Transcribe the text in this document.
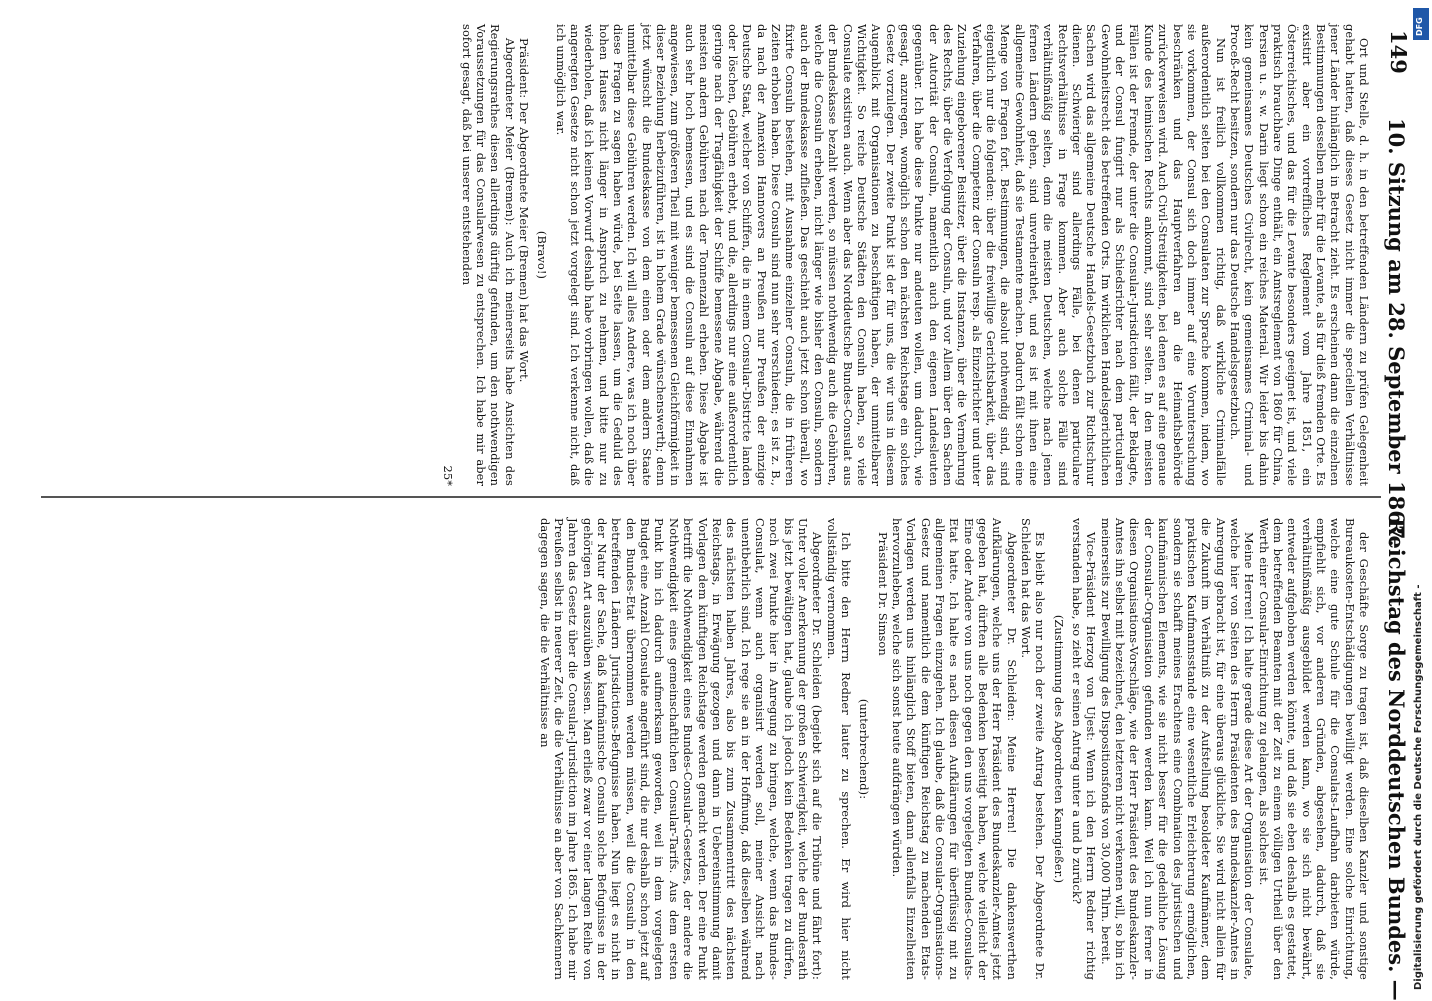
149
10. Sitzung am 28. September 1867.
Reichstag des Norddeutschen Bundes. —

Ort und Stelle, d. h. in den betreffenden Ländern zu prüfen Gelegenheit gehabt hatten, daß dieses Gesetz nicht immer die speciellen Verhältnisse jener Länder hinlänglich in Betracht zieht. Es erscheinen dann die einzelnen Bestimmungen desselben mehr für die Levante, als für dieß fremden Orte. Es existirt aber ein vortreffliches Reglement vom Jahre 1851, ein Österreichisches, und das für die Levante besonders geeignet ist, und viele praktisch brauchbare Dinge enthält, ein Amtsreglement von 1860 für China, Persien u. s. w. Darin liegt schon ein reiches Material. Wir leider bis dahin kein gemeinsames Deutsches Civilrecht, kein gemeinsames Criminal- und Proceß-Recht besitzen, sondern nur das Deutsche Handelsgesetzbuch.

Nun ist freilich vollkommen richtig, daß wirkliche Criminalfälle außerordentlich selten bei den Consulaten zur Sprache kommen, indem, wo sie vorkommen, der Consul sich doch immer auf eine Voruntersuchung beschränken und das Hauptverfahren an die Heimathsbehörde zurückverweisen wird. Auch Civil-Streitigkeiten, bei denen es auf eine genaue Kunde des heimischen Rechts ankommt, sind sehr selten. In den meisten Fällen ist der Fremde, der unter die Consular-Jurisdiction fällt, der Beklagte, und der Consul fungirt nur als Schiedsrichter nach dem particularen Gewohnheitsrecht des betreffenden Orts. Im wirklichen Handelsgerichtlichen Sachen wird das allgemeine Deutsche Handels-Gesetzbuch zur Richtschnur dienen. Schwieriger sind allerdings Fälle, bei denen particulare Rechtsverhältnisse in Frage kommen. Aber auch solche Fälle sind verhältnißmäßig selten, denn die meisten Deutschen, welche nach jenen fernen Ländern gehen, sind unverheirathet, und es ist mit ihnen eine allgemeine Gewohnheit, daß sie Testamente machen. Dadurch fällt schon eine Menge von Fragen fort. Bestimmungen, die absolut nothwendig sind, sind eigentlich nur die folgenden: über die freiwillige Gerichtsbarkeit, über das Verfahren, über die Competenz der Consuln resp. als Einzelrichter und unter Zuziehung eingeborener Beisitzer, über die Instanzen, über die Vermehrung des Rechts, über die Verfolgung der Consuln, und vor Allem über den Sachen der Autorität der Consuln, namentlich auch den eigenen Landesleuten gegenüber. Ich habe diese Punkte nur andeuten wollen, um dadurch, wie gesagt, anzuregen, womöglich schon den nächsten Reichstage ein solches Gesetz vorzulegen. Der zweite Punkt ist der für uns, die wir uns in diesem Augenblick mit Organisationen zu beschäftigen haben, der unmittelbarer Wichtigkeit. So reiche Deutsche Städten den Consuln haben, so viele Consulate existiren auch. Wenn aber das Norddeutsche Bundes-Consulat aus der Bundeskasse bezahlt werden, so müssen nothwendig auch die Gebühren, welche die Consuln erheben, nicht länger wie bisher den Consuln, sondern auch der Bundeskasse zufließen. Das geschieht auch jetzt schon überall, wo fixirte Consuln bestehen, mit Ausnahme einzelner Consuln, die in früheren Zeiten erhoben haben. Diese Consuln sind nun sehr verschieden; es ist z. B., da nach der Annexion Hannovers an Preußen nur Preußen der einzige Deutsche Staat, welcher von Schiffen, die in einem Consular-Districte landen oder löschen, Gebühren erhebt, und die, allerdings nur eine außerordentlich geringe nach der Tragfähigkeit der Schiffe bemessene Abgabe, während die meisten andern Gebühren nach der Tonnenzahl erheben. Diese Abgabe ist auch sehr hoch bemessen, und es sind die Consuln auf diese Einnahmen angewiesen, zum größeren Theil mit weniger bemessenen Gleichförmigkeit in dieser Beziehung herbeizuführen, ist in hohem Grade wünschenswerth; denn jetzt wünscht die Bundeskasse von dem einen oder dem andern Staate unmittelbar diese Gebühren werden. Ich will alles Andere, was ich noch über diese Fragen zu sagen haben würde, bei Seite lassen, um die Geduld des hohen Hauses nicht länger in Anspruch zu nehmen, und bitte nur zu wiederholen, daß ich keinen Vorwurf deshalb habe vorbringen wollen, daß die angeregten Gesetze nicht schon jetzt vorgelegt sind. Ich verkenne nicht, daß ich unmöglich war.

(Bravo!)

Präsident: Der Abgeordnete Meier (Bremen) hat das Wort.

Abgeordneter Meier (Bremen): Auch ich meinerseits habe Ansichten des Regierungsrathes diesen allerdings dürftig gefunden, um den nothwendigen Voraussetzungen für das Consularwesen zu entsprechen. Ich habe mir aber sofort gesagt, daß bei unserer entstehenden

25*

der Geschäfte Sorge zu tragen ist, daß dieselben Kanzler und sonstige Bureaukosten-Entschädigungen bewilligt werden. Eine solche Einrichtung, welche eine gute Schule für die Consulats-Laufbahn darbieten würde, empfiehlt sich, vor anderen Gründen, abgesehen, dadurch, daß sie verhältnißmäßig ausgebildet werden kann, wo sie sich nicht bewährt, entweder aufgehoben werden könnte, und daß sie eben deshalb es gestattet, dem betreffenden Beamten mit der Zeit zu einem völligen Urtheil über den Werth einer Consular-Einrichtung zu gelangen, als solches ist.

Meine Herren! Ich halte gerade diese Art der Organisation der Consulate, welche hier von Seiten des Herrn Präsidenten des Bundeskanzler-Amtes in Anregung gebracht ist, für eine überaus glückliche. Sie wird nicht allein für die Zukunft im Verhältniß zu der Aufstellung besoldeter Kaufmänner, dem praktischen Kaufmannsstande eine wesentliche Erleichterung ermöglichen, sondern sie schafft meines Erachtens eine Combination des juristischen und kaufmännischen Elements, wie sie nicht besser für die gedeihliche Lösung der Consular-Organisation gefunden werden kann. Weil ich nun ferner in diesen Organisations-Vorschläge, wie der Herr Präsident des Bundeskanzler-Amtes ihn selbst mit bezeichnet, den letzteren nicht verkennen will, so bin ich meinerseits zur Bewilligung des Dispositionsfonds von 30,000 Thlrn. bereit.

Vice-Präsident Herzog von Ujest: Wenn ich den Herrn Redner richtig verstanden habe, so zieht er seinen Antrag unter a und b zurück?

(Zustimmung des Abgeordneten Kanngießer.)

Es bleibt also nur noch der zweite Antrag bestehen. Der Abgeordnete Dr. Schleiden hat das Wort.

Abgeordneter Dr. Schleiden: Meine Herren! Die dankenswerthen Aufklärungen, welche uns der Herr Präsident des Bundeskanzler-Amtes jetzt gegeben hat, dürften alle Bedenken beseitigt haben, welche vielleicht der Eine oder Andere von uns noch gegen den uns vorgelegten Bundes-Consulats-Etat hatte. Ich halte es nach diesen Aufklärungen für überflüssig mit zu allgemeinen Fragen einzugehen. Ich glaube, daß die Consular-Organisations-Gesetz und namentlich die dem künftigen Reichstag zu machenden Etats-Vorlagen werden uns hinlänglich Stoff bieten, dann allenfalls Einzelheiten hervorzuheben, welche sich sonst heute aufdrängen würden.

Präsident Dr. Simson

(unterbrechend):

Ich bitte den Herrn Redner lauter zu sprechen. Er wird hier nicht vollständig vernommen.

Abgeordneter Dr. Schleiden (begiebt sich auf die Tribüne und fährt fort): Unter voller Anerkennung der großen Schwierigkeit, welche der Bundesrath bis jetzt bewältigen hat, glaube ich jedoch kein Bedenken tragen zu dürfen, noch zwei Punkte hier in Anregung zu bringen, welche, wenn das Bundes-Consulat, wenn auch organisirt werden soll, meiner Ansicht nach unentbehrlich sind. Ich rege sie an in der Hoffnung, daß dieselben während des nächsten halben Jahres, also bis zum Zusammentritt des nächsten Reichstags, in Erwägung gezogen und dann in Uebereinstimmung damit Vorlagen dem künftigen Reichstage werden gemacht werden. Der eine Punkt betrifft die Nothwendigkeit eines Bundes-Consular-Gesetzes, der andere die Nothwendigkeit eines gemeinschaftlichen Consular-Tarifs. Aus dem ersten Punkt bin ich dadurch aufmerksam geworden, weil in dem vorgelegten Budget eine Anzahl Consulate angeführt sind, die nur deshalb schon jetzt auf den Bundes-Etat übernommen werden müssen, weil die Consuln in den betreffenden Ländern Jurisdictions-Befugnisse haben. Nun liegt es nicht in der Natur der Sache, daß kaufmännische Consuln solche Befugnisse in der gehörigen Art auszuüben wissen. Man erließ zwar vor einer langen Reihe von Jahren das Gesetz über die Consular-Jurisdiction im Jahre 1865. Ich habe mir Preußen selbst in neuerer Zeit, die die Verhältnisse an aber von Sachkennern dagegen sagen, die die Verhältnisse an

DFG
Digitalisierung gefördert durch die Deutsche Forschungsgemeinschaft -
